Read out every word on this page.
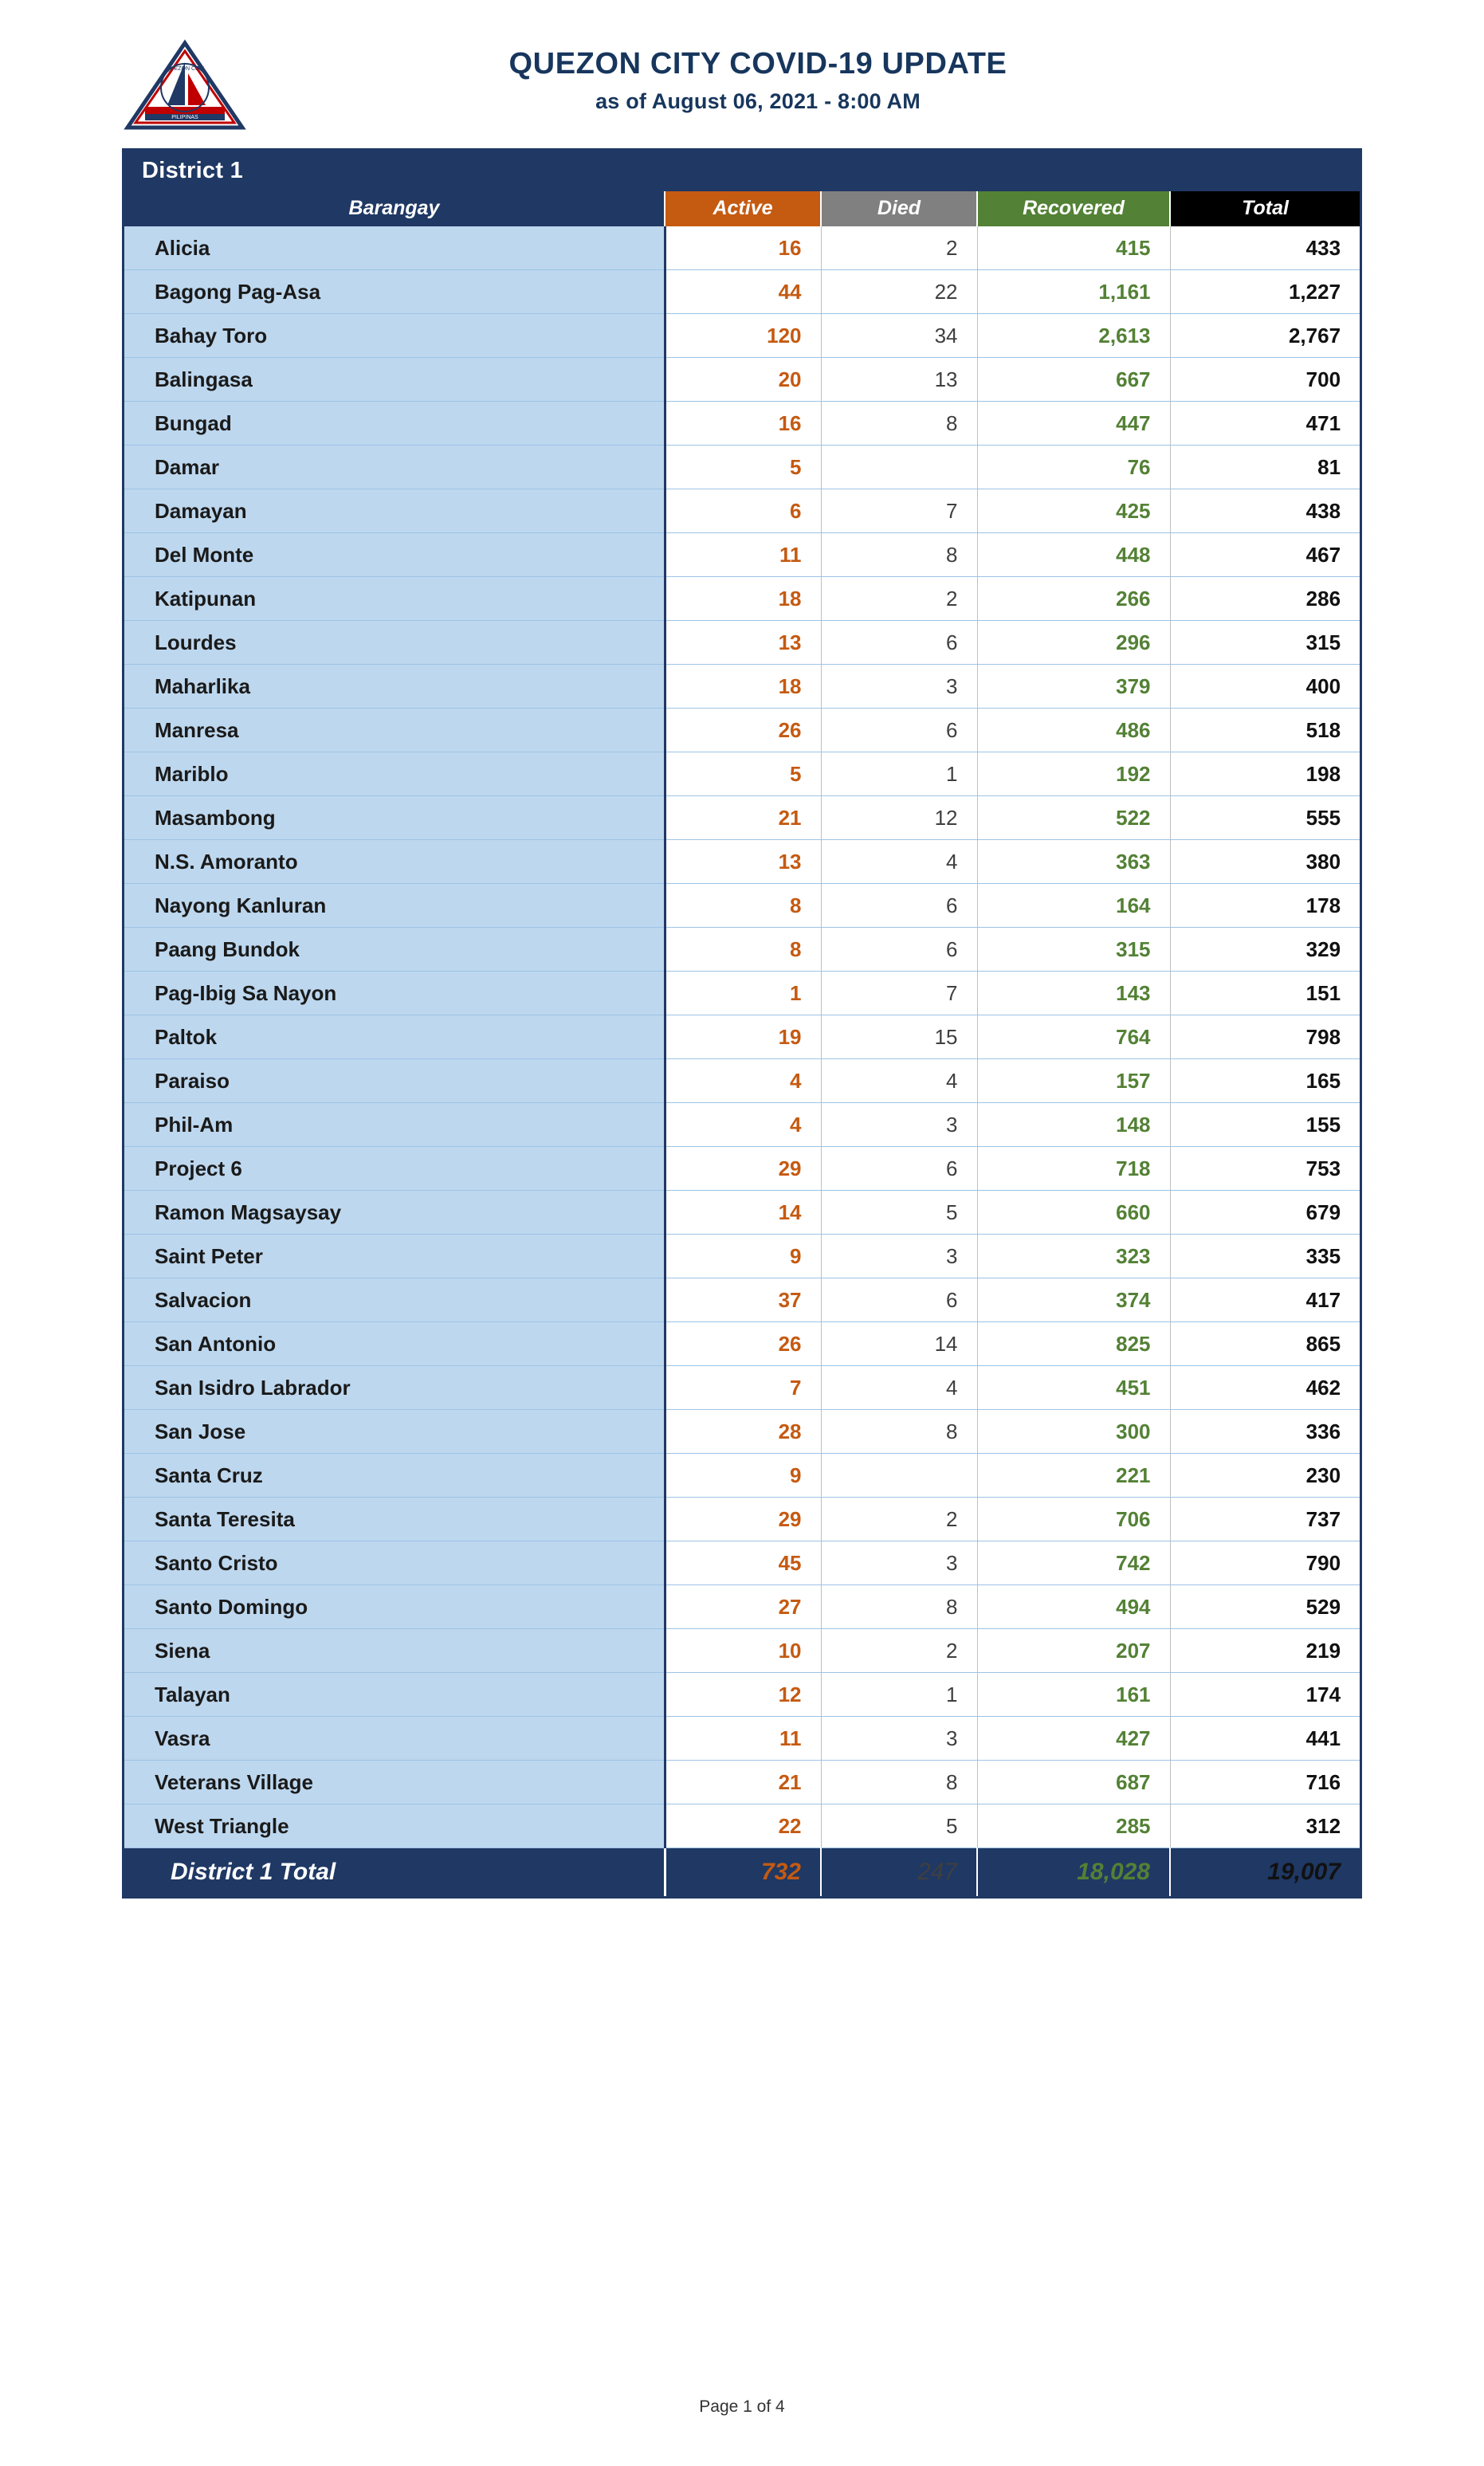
QUEZON CITY
PILIPINAS
QUEZON CITY COVID-19 UPDATE
as of August 06, 2021 - 8:00 AM
District 1				
Barangay	Active	Died	Recovered	Total
Alicia	16	2	415	433
Bagong Pag-Asa	44	22	1,161	1,227
Bahay Toro	120	34	2,613	2,767
Balingasa	20	13	667	700
Bungad	16	8	447	471
Damar	5		76	81
Damayan	6	7	425	438
Del Monte	11	8	448	467
Katipunan	18	2	266	286
Lourdes	13	6	296	315
Maharlika	18	3	379	400
Manresa	26	6	486	518
Mariblo	5	1	192	198
Masambong	21	12	522	555
N.S. Amoranto	13	4	363	380
Nayong Kanluran	8	6	164	178
Paang Bundok	8	6	315	329
Pag-Ibig Sa Nayon	1	7	143	151
Paltok	19	15	764	798
Paraiso	4	4	157	165
Phil-Am	4	3	148	155
Project 6	29	6	718	753
Ramon Magsaysay	14	5	660	679
Saint Peter	9	3	323	335
Salvacion	37	6	374	417
San Antonio	26	14	825	865
San Isidro Labrador	7	4	451	462
San Jose	28	8	300	336
Santa Cruz	9		221	230
Santa Teresita	29	2	706	737
Santo Cristo	45	3	742	790
Santo Domingo	27	8	494	529
Siena	10	2	207	219
Talayan	12	1	161	174
Vasra	11	3	427	441
Veterans Village	21	8	687	716
West Triangle	22	5	285	312
District 1 Total	732	247	18,028	19,007
Page 1 of 4
